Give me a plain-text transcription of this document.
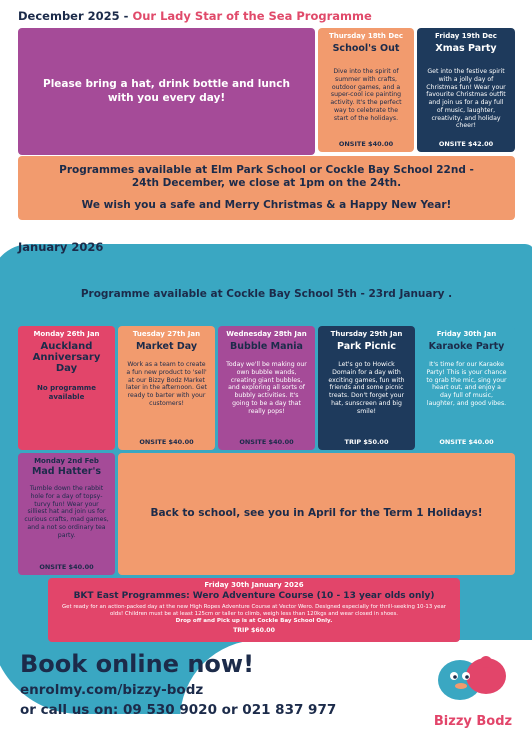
December 2025 - Our Lady Star of the Sea Programme
Please bring a hat, drink bottle and lunch with you every day!
Thursday 18th Dec
School's Out
Dive into the spirit of summer with crafts, outdoor games, and a super-cool ice painting activity. It's the perfect way to celebrate the start of the holidays.
ONSITE $40.00
Friday 19th Dec
Xmas Party
Get into the festive spirit with a jolly day of Christmas fun! Wear your favourite Christmas outfit and join us for a day full of music, laughter, creativity, and holiday cheer!
ONSITE $42.00
Programmes available at Elm Park School or Cockle Bay School 22nd - 24th December, we close at 1pm on the 24th.
We wish you a safe and Merry Christmas & a Happy New Year!
January 2026
Programme available at Cockle Bay School 5th - 23rd January .
Monday 26th Jan
Auckland Anniversary Day
No programme available
Tuesday 27th Jan
Market Day
Work as a team to create a fun new product to 'sell' at our Bizzy Bodz Market later in the afternoon. Get ready to barter with your customers!
ONSITE $40.00
Wednesday 28th Jan
Bubble Mania
Today we'll be making our own bubble wands, creating giant bubbles, and exploring all sorts of bubbly activities. It's going to be a day that really pops!
ONSITE $40.00
Thursday 29th Jan
Park Picnic
Let's go to Howick Domain for a day with exciting games, fun with friends and some picnic treats. Don't forget your hat, sunscreen and big smile!
TRIP $50.00
Friday 30th Jan
Karaoke Party
It's time for our Karaoke Party! This is your chance to grab the mic, sing your heart out, and enjoy a day full of music, laughter, and good vibes.
ONSITE $40.00
Monday 2nd Feb
Mad Hatter's
Tumble down the rabbit hole for a day of topsy-turvy fun! Wear your silliest hat and join us for curious crafts, mad games, and a not so ordinary tea party.
ONSITE $40.00
Back to school, see you in April for the Term 1 Holidays!
Friday 30th January 2026
BKT East Programmes: Wero Adventure Course (10 - 13 year olds only)
Get ready for an action-packed day at the new High Ropes Adventure Course at Vector Wero. Designed especially for thrill-seeking 10-13 year olds! Children must be at least 125cm or taller to climb, weigh less than 120kgs and wear closed in shoes.
Drop off and Pick up is at Cockle Bay School Only.
TRIP $60.00
Book online now!
enrolmy.com/bizzy-bodz
or call us on: 09 530 9020 or 021 837 977
Bizzy Bodz
